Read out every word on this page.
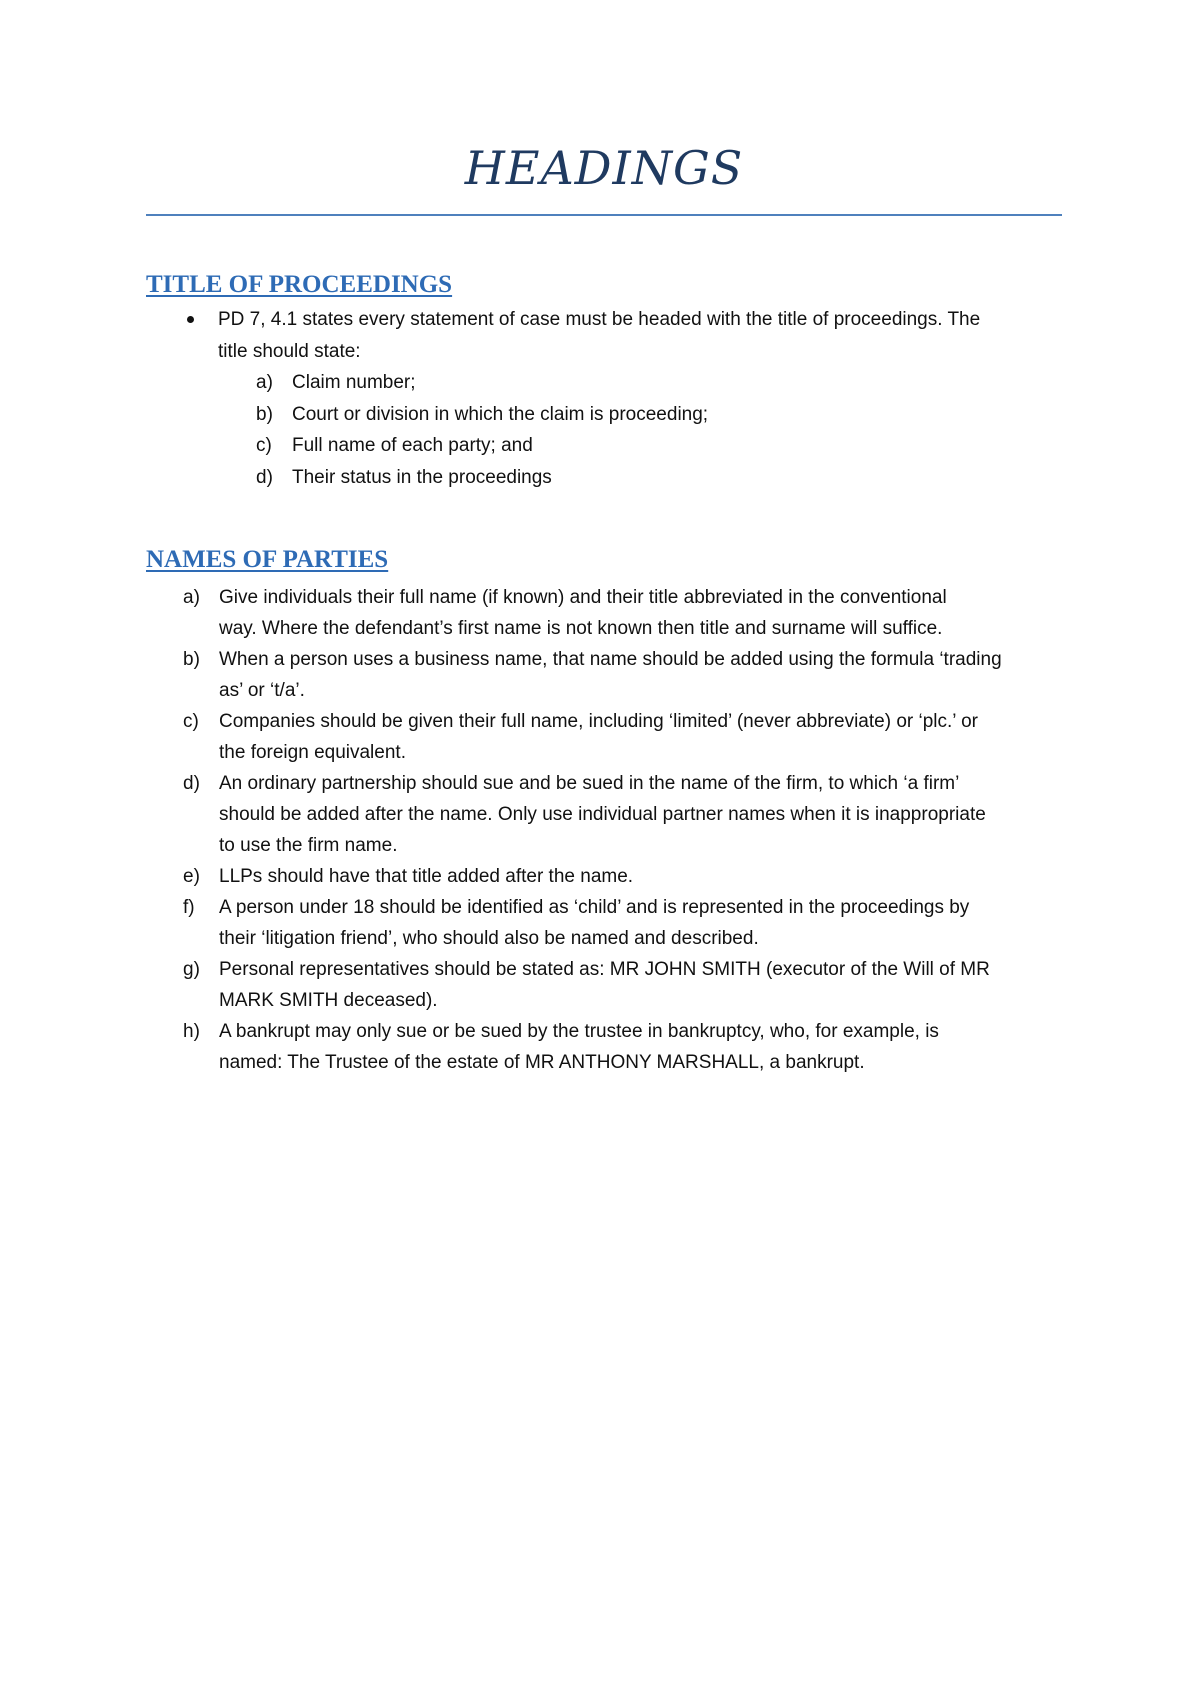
HEADINGS
TITLE OF PROCEEDINGS
PD 7, 4.1 states every statement of case must be headed with the title of proceedings. The
title should state:
a) Claim number;
b) Court or division in which the claim is proceeding;
c) Full name of each party; and
d) Their status in the proceedings
NAMES OF PARTIES
a) Give individuals their full name (if known) and their title abbreviated in the conventional
way. Where the defendant’s first name is not known then title and surname will suffice.
b) When a person uses a business name, that name should be added using the formula ‘trading
as’ or ‘t/a’.
c) Companies should be given their full name, including ‘limited’ (never abbreviate) or ‘plc.’ or
the foreign equivalent.
d) An ordinary partnership should sue and be sued in the name of the firm, to which ‘a firm’
should be added after the name. Only use individual partner names when it is inappropriate
to use the firm name.
e) LLPs should have that title added after the name.
f) A person under 18 should be identified as ‘child’ and is represented in the proceedings by
their ‘litigation friend’, who should also be named and described.
g) Personal representatives should be stated as: MR JOHN SMITH (executor of the Will of MR
MARK SMITH deceased).
h) A bankrupt may only sue or be sued by the trustee in bankruptcy, who, for example, is
named: The Trustee of the estate of MR ANTHONY MARSHALL, a bankrupt.
